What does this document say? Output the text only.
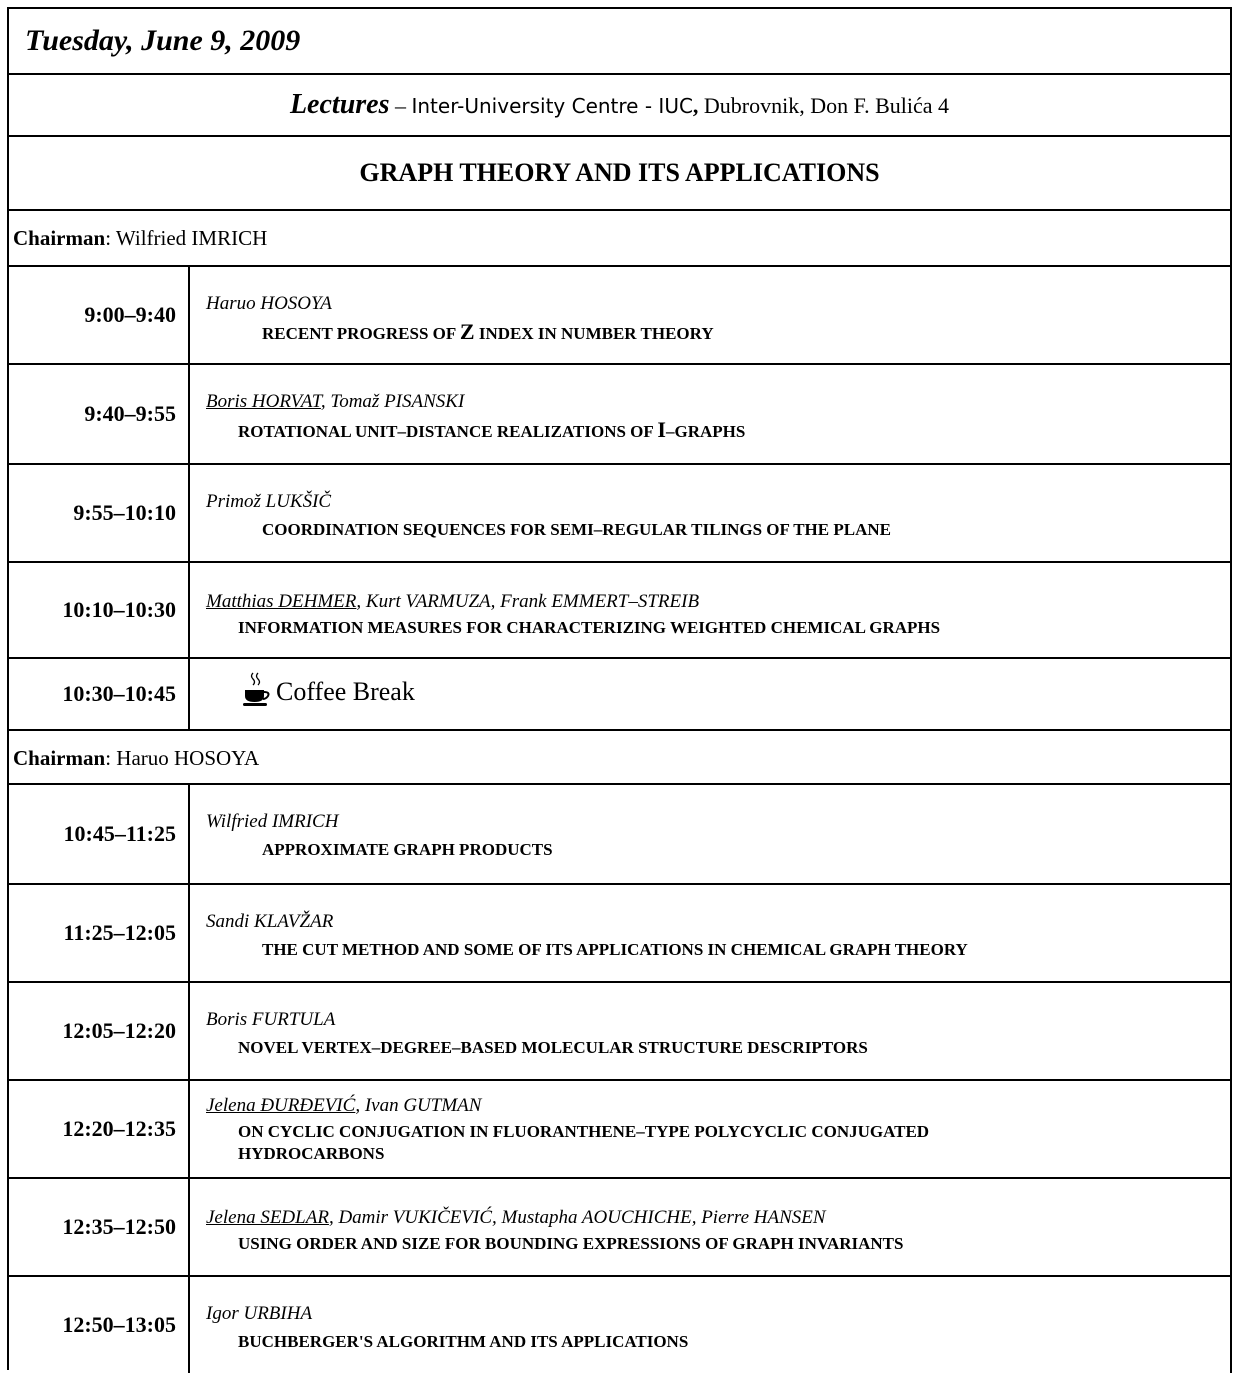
Tuesday, June 9, 2009
Lectures – Inter-University Centre - IUC, Dubrovnik, Don F. Bulića 4
GRAPH THEORY AND ITS APPLICATIONS
Chairman: Wilfried IMRICH
9:00–9:40	Haruo HOSOYA
RECENT PROGRESS OF Z INDEX IN NUMBER THEORY
9:40–9:55	Boris HORVAT, Tomaž PISANSKI
ROTATIONAL UNIT–DISTANCE REALIZATIONS OF I–GRAPHS
9:55–10:10	Primož LUKŠIČ
COORDINATION SEQUENCES FOR SEMI–REGULAR TILINGS OF THE PLANE
10:10–10:30	Matthias DEHMER, Kurt VARMUZA, Frank EMMERT–STREIB
INFORMATION MEASURES FOR CHARACTERIZING WEIGHTED CHEMICAL GRAPHS
10:30–10:45	Coffee Break
Chairman: Haruo HOSOYA
10:45–11:25	Wilfried IMRICH
APPROXIMATE GRAPH PRODUCTS
11:25–12:05	Sandi KLAVŽAR
THE CUT METHOD AND SOME OF ITS APPLICATIONS IN CHEMICAL GRAPH THEORY
12:05–12:20	Boris FURTULA
NOVEL VERTEX–DEGREE–BASED MOLECULAR STRUCTURE DESCRIPTORS
12:20–12:35
Jelena ĐURĐEVIĆ, Ivan GUTMAN
ON CYCLIC CONJUGATION IN FLUORANTHENE–TYPE POLYCYCLIC CONJUGATED
HYDROCARBONS
12:35–12:50	Jelena SEDLAR, Damir VUKIČEVIĆ, Mustapha AOUCHICHE, Pierre HANSEN
USING ORDER AND SIZE FOR BOUNDING EXPRESSIONS OF GRAPH INVARIANTS
12:50–13:05	Igor URBIHA
BUCHBERGER'S ALGORITHM AND ITS APPLICATIONS
